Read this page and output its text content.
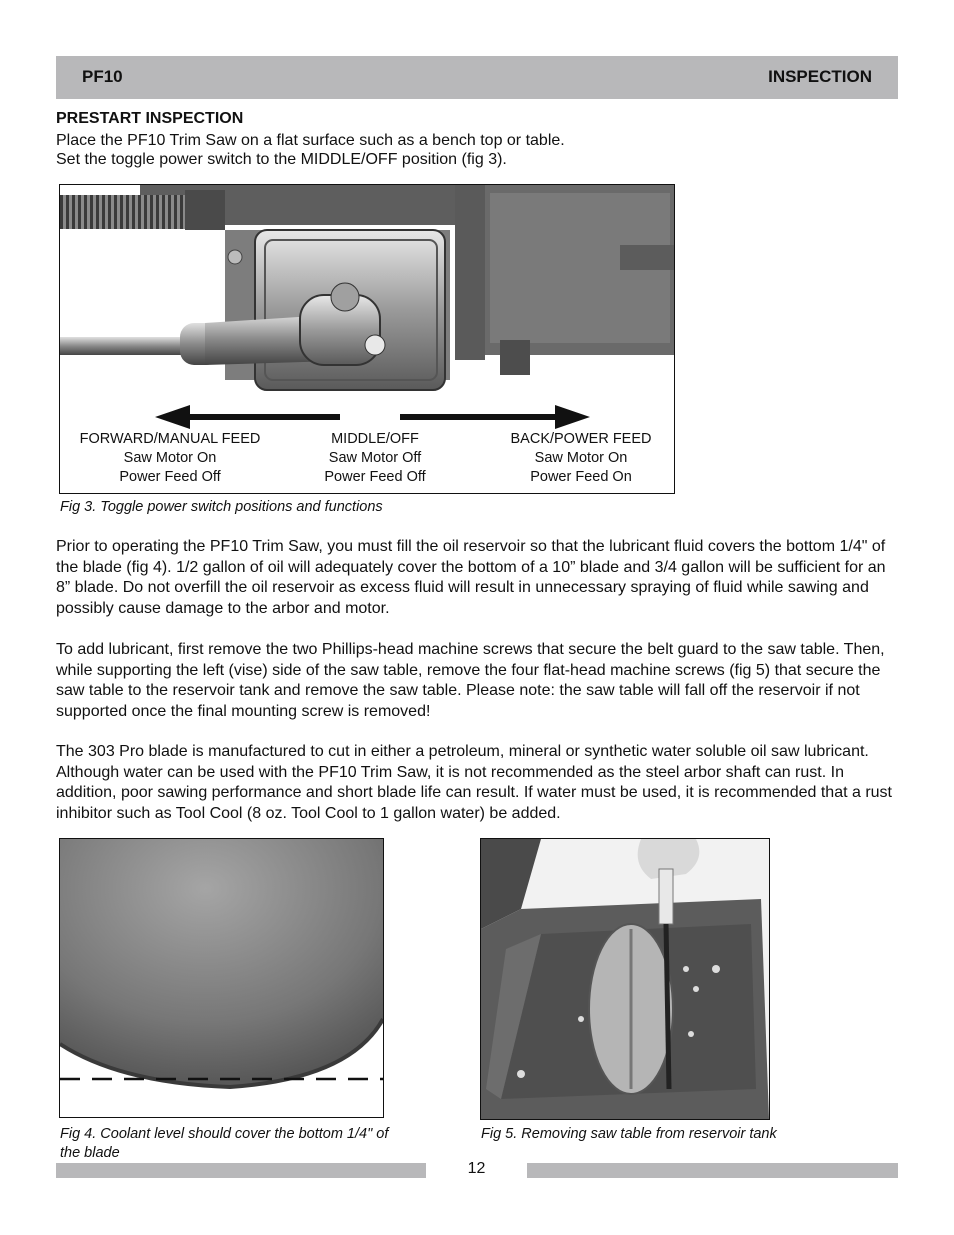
PF10	INSPECTION
PRESTART INSPECTION
Place the PF10 Trim Saw on a flat surface such as a bench top or table.
Set the toggle power switch to the MIDDLE/OFF position (fig 3).
FORWARD/MANUAL FEED
Saw Motor On
Power Feed Off
MIDDLE/OFF
Saw Motor Off
Power Feed Off
BACK/POWER FEED
Saw Motor On
Power Feed On
Fig 3. Toggle power switch positions and functions
Prior to operating the PF10 Trim Saw, you must fill the oil reservoir so that the lubricant fluid covers the bottom 1/4" of the blade (fig 4). 1/2 gallon of oil will adequately cover the bottom of a 10” blade and 3/4 gallon will be sufficient for an 8” blade. Do not overfill the oil reservoir as excess fluid will result in unnecessary spraying of fluid while sawing and possibly cause damage to the arbor and motor.
To add lubricant, first remove the two Phillips-head machine screws that secure the belt guard to the saw table. Then, while supporting the left (vise) side of the saw table, remove the four flat-head machine screws (fig 5) that secure the saw table to the reservoir tank and remove the saw table. Please note: the saw table will fall off the reservoir if not supported once the final mounting screw is removed!
The 303 Pro blade is manufactured to cut in either a petroleum, mineral or synthetic water soluble oil saw lubricant. Although water can be used with the PF10 Trim Saw, it is not recommended as the steel arbor shaft can rust. In addition, poor sawing performance and short blade life can result. If water must be used, it is recommended that a rust inhibitor such as Tool Cool (8 oz. Tool Cool to 1 gallon water) be added.
Fig 4. Coolant level should cover the bottom 1/4" of the blade
Fig 5. Removing saw table from reservoir tank
12
